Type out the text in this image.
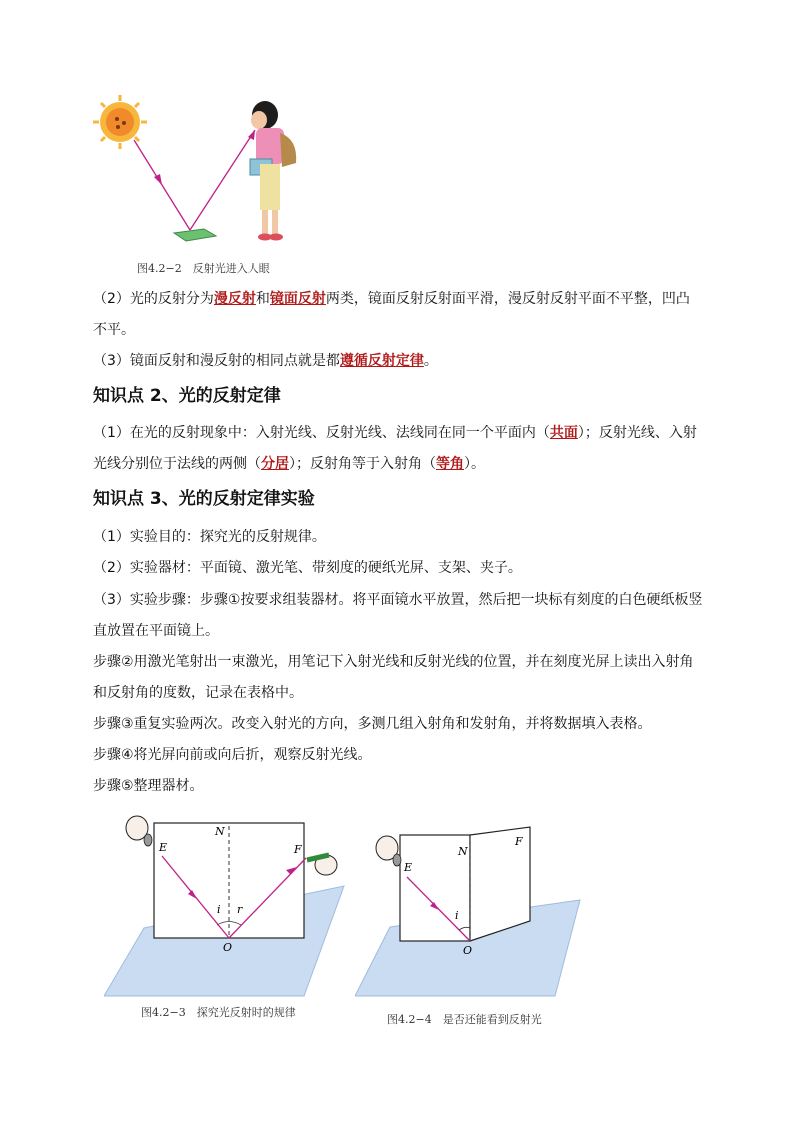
图4.2−2　反射光进入人眼
（2）光的反射分为漫反射和镜面反射两类，镜面反射反射面平滑，漫反射反射平面不平整，凹凸
不平。
（3）镜面反射和漫反射的相同点就是都遵循反射定律。
知识点 2、光的反射定律
（1）在光的反射现象中：入射光线、反射光线、法线同在同一个平面内（共面）；反射光线、入射
光线分别位于法线的两侧（分居）；反射角等于入射角（等角）。
知识点 3、光的反射定律实验
（1）实验目的：探究光的反射规律。
（2）实验器材：平面镜、激光笔、带刻度的硬纸光屏、支架、夹子。
（3）实验步骤：步骤①按要求组装器材。将平面镜水平放置，然后把一块标有刻度的白色硬纸板竖
直放置在平面镜上。
步骤②用激光笔射出一束激光，用笔记下入射光线和反射光线的位置，并在刻度光屏上读出入射角
和反射角的度数，记录在表格中。
步骤③重复实验两次。改变入射光的方向，多测几组入射角和发射角，并将数据填入表格。
步骤④将光屏向前或向后折，观察反射光线。
步骤⑤整理器材。
N
E	F
O
i r
图4.2−3　探究光反射时的规律
N
E
F
O
i
图4.2−4　是否还能看到反射光
